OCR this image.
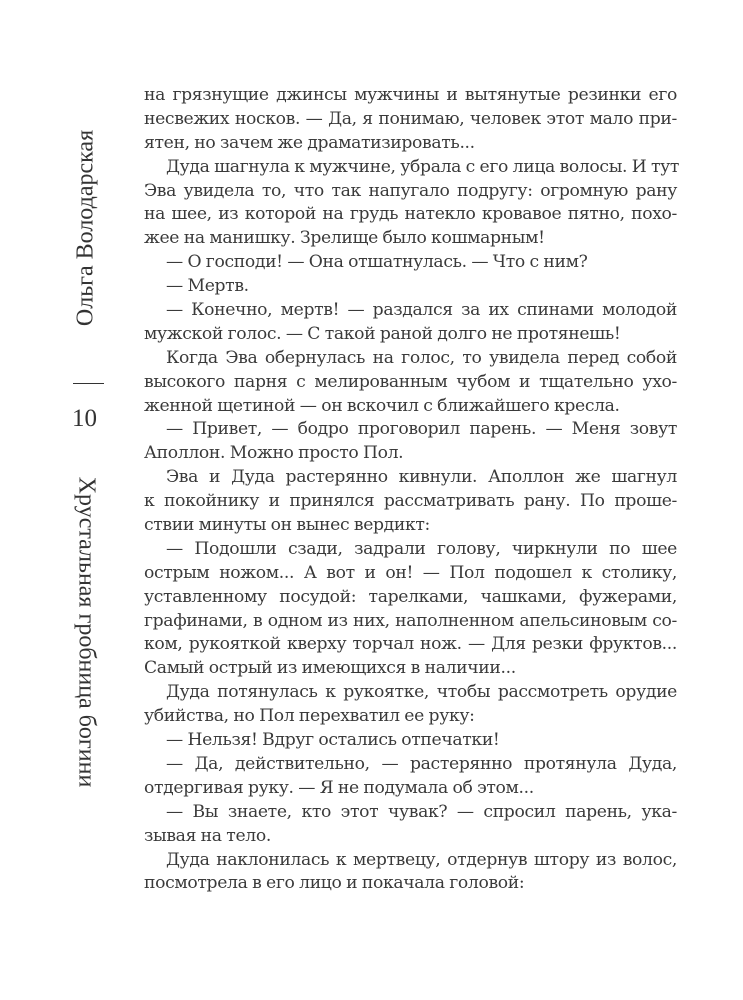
Ольга Володарская
10
Хрустальная гробница богини
на грязнущие джинсы мужчины и вытянутые резинки его
несвежих носков. — Да, я понимаю, человек этот мало при-
ятен, но зачем же драматизировать...
Дуда шагнула к мужчине, убрала с его лица волосы. И тут
Эва увидела то, что так напугало подругу: огромную рану
на шее, из которой на грудь натекло кровавое пятно, похо-
жее на манишку. Зрелище было кошмарным!
— О господи! — Она отшатнулась. — Что с ним?
— Мертв.
— Конечно, мертв! — раздался за их спинами молодой
мужской голос. — С такой раной долго не протянешь!
Когда Эва обернулась на голос, то увидела перед собой
высокого парня с мелированным чубом и тщательно ухо-
женной щетиной — он вскочил с ближайшего кресла.
— Привет, — бодро проговорил парень. — Меня зовут
Аполлон. Можно просто Пол.
Эва и Дуда растерянно кивнули. Аполлон же шагнул
к покойнику и принялся рассматривать рану. По проше-
ствии минуты он вынес вердикт:
— Подошли сзади, задрали голову, чиркнули по шее
острым ножом... А вот и он! — Пол подошел к столику,
уставленному посудой: тарелками, чашками, фужерами,
графинами, в одном из них, наполненном апельсиновым со-
ком, рукояткой кверху торчал нож. — Для резки фруктов...
Самый острый из имеющихся в наличии...
Дуда потянулась к рукоятке, чтобы рассмотреть орудие
убийства, но Пол перехватил ее руку:
— Нельзя! Вдруг остались отпечатки!
— Да, действительно, — растерянно протянула Дуда,
отдергивая руку. — Я не подумала об этом...
— Вы знаете, кто этот чувак? — спросил парень, ука-
зывая на тело.
Дуда наклонилась к мертвецу, отдернув штору из волос,
посмотрела в его лицо и покачала головой:
